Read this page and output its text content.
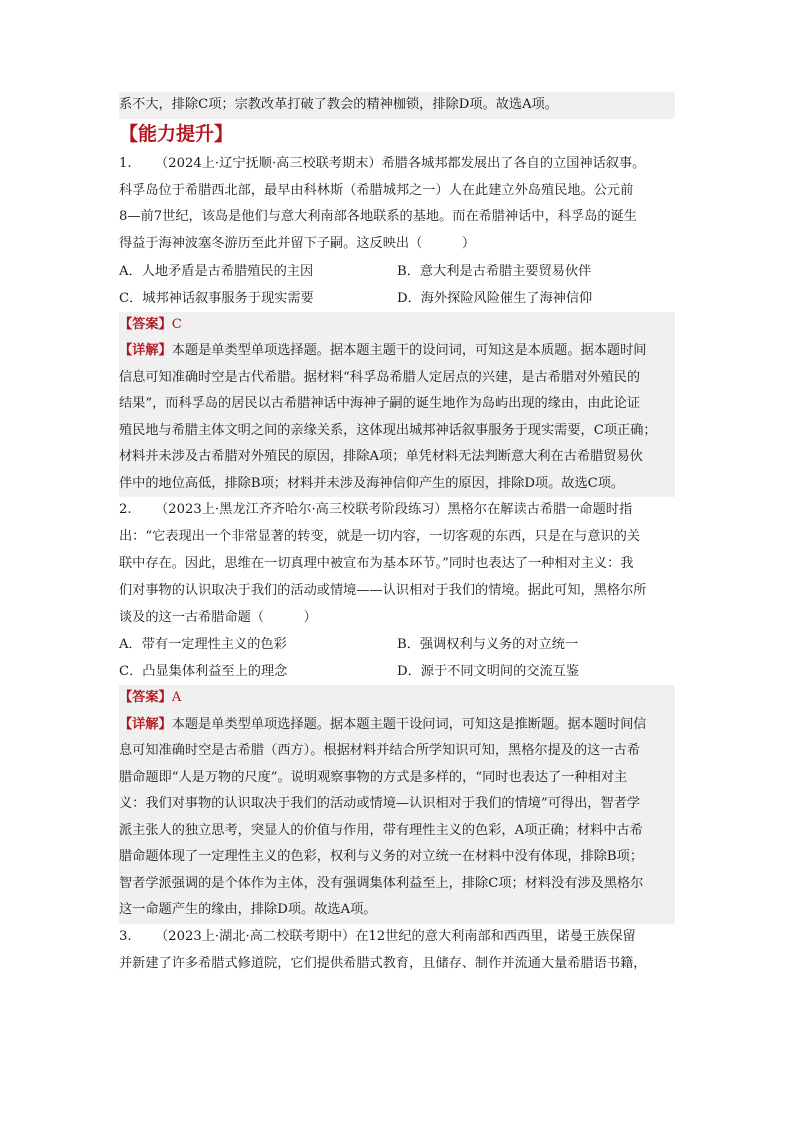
系不大，排除C项；宗教改革打破了教会的精神枷锁，排除D项。故选A项。
【能力提升】
1. （2024上·辽宁抚顺·高三校联考期末）希腊各城邦都发展出了各自的立国神话叙事。
科孚岛位于希腊西北部，最早由科林斯（希腊城邦之一）人在此建立外岛殖民地。公元前
8—前7世纪，该岛是他们与意大利南部各地联系的基地。而在希腊神话中，科孚岛的诞生
得益于海神波塞冬游历至此并留下子嗣。这反映出（　　　）
A．人地矛盾是古希腊殖民的主因	B．意大利是古希腊主要贸易伙伴
C．城邦神话叙事服务于现实需要	D．海外探险风险催生了海神信仰
【答案】C
【详解】本题是单类型单项选择题。据本题主题干的设问词，可知这是本质题。据本题时间
信息可知准确时空是古代希腊。据材料“科孚岛希腊人定居点的兴建，是古希腊对外殖民的
结果”，而科孚岛的居民以古希腊神话中海神子嗣的诞生地作为岛屿出现的缘由，由此论证
殖民地与希腊主体文明之间的亲缘关系，这体现出城邦神话叙事服务于现实需要，C项正确；
材料并未涉及古希腊对外殖民的原因，排除A项；单凭材料无法判断意大利在古希腊贸易伙
伴中的地位高低，排除B项；材料并未涉及海神信仰产生的原因，排除D项。故选C项。
2. （2023上·黑龙江齐齐哈尔·高三校联考阶段练习）黑格尔在解读古希腊一命题时指
出：“它表现出一个非常显著的转变，就是一切内容，一切客观的东西，只是在与意识的关
联中存在。因此，思维在一切真理中被宣布为基本环节。”同时也表达了一种相对主义：我
们对事物的认识取决于我们的活动或情境——认识相对于我们的情境。据此可知，黑格尔所
谈及的这一古希腊命题（　　　）
A．带有一定理性主义的色彩	B．强调权利与义务的对立统一
C．凸显集体利益至上的理念	D．源于不同文明间的交流互鉴
【答案】A
【详解】本题是单类型单项选择题。据本题主题干设问词，可知这是推断题。据本题时间信
息可知准确时空是古希腊（西方）。根据材料并结合所学知识可知，黑格尔提及的这一古希
腊命题即“人是万物的尺度”。说明观察事物的方式是多样的，“同时也表达了一种相对主
义：我们对事物的认识取决于我们的活动或情境—认识相对于我们的情境”可得出，智者学
派主张人的独立思考，突显人的价值与作用，带有理性主义的色彩，A项正确；材料中古希
腊命题体现了一定理性主义的色彩，权利与义务的对立统一在材料中没有体现，排除B项；
智者学派强调的是个体作为主体，没有强调集体利益至上，排除C项；材料没有涉及黑格尔
这一命题产生的缘由，排除D项。故选A项。
3. （2023上·湖北·高二校联考期中）在12世纪的意大利南部和西西里，诺曼王族保留
并新建了许多希腊式修道院，它们提供希腊式教育，且储存、制作并流通大量希腊语书籍，
